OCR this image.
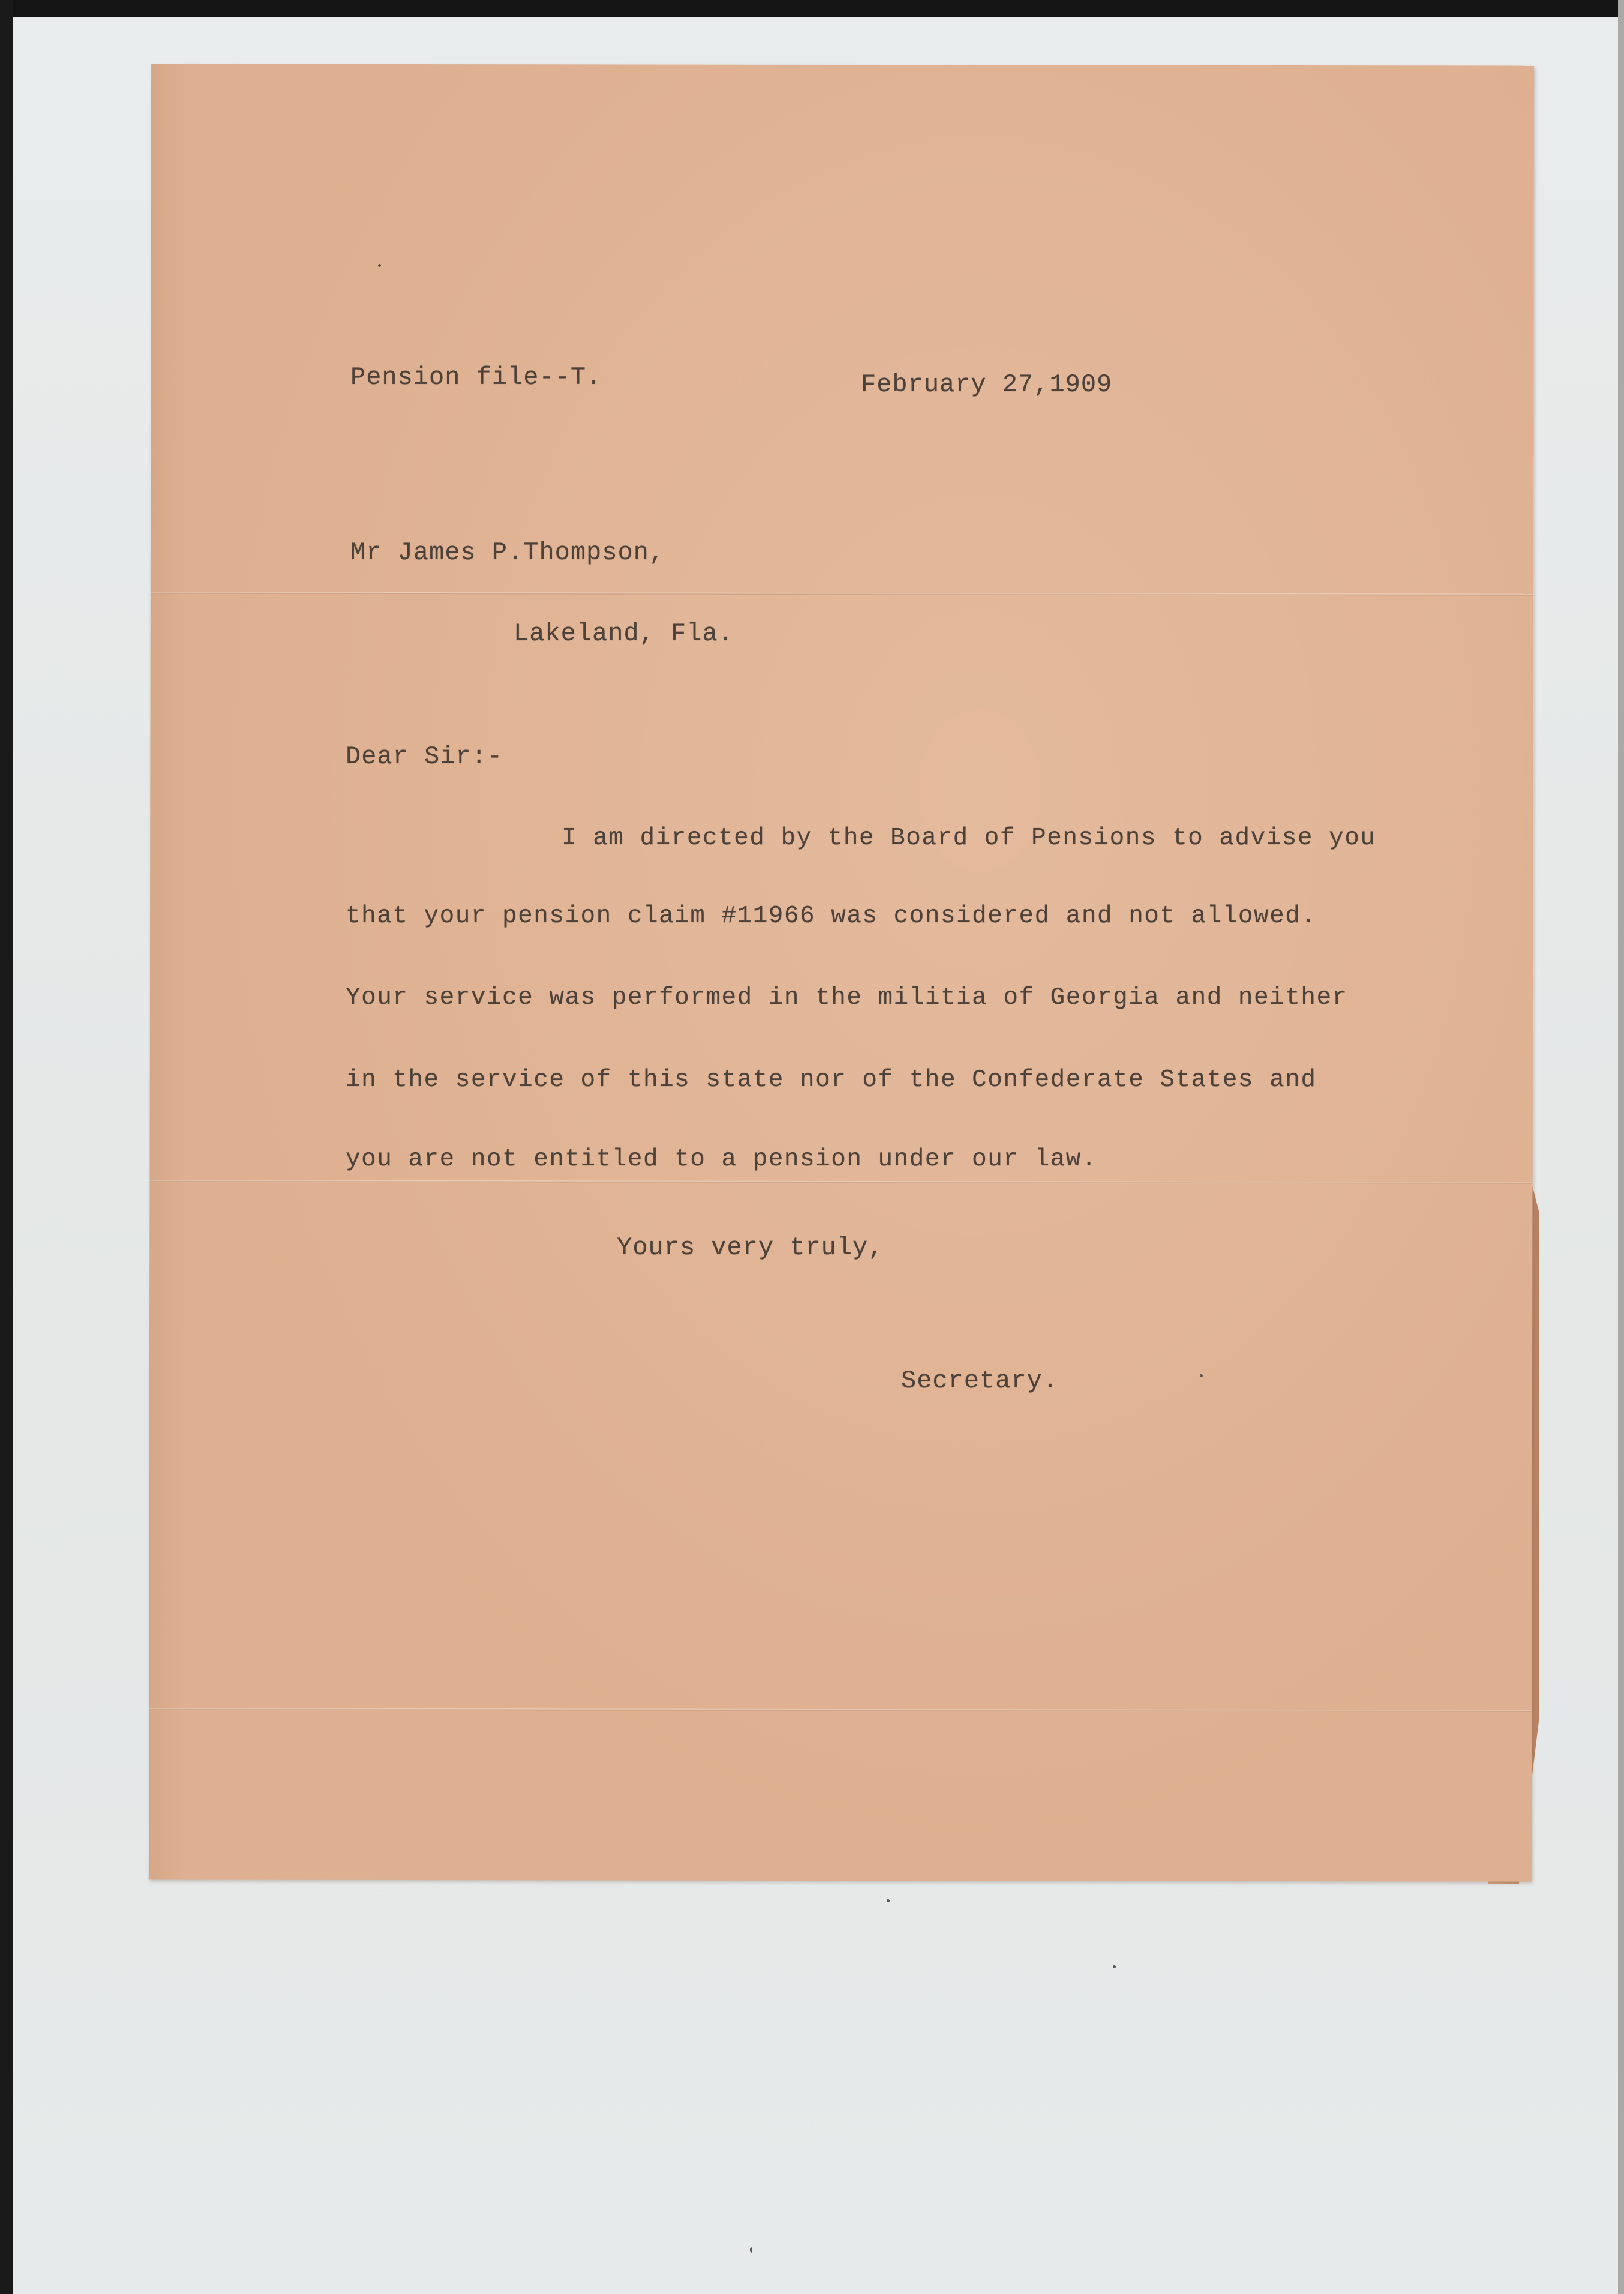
Pension file--T.	February 27,1909
Mr James P.Thompson,
Lakeland, Fla.
Dear Sir:-
I am directed by the Board of Pensions to advise you
that your pension claim #11966 was considered and not allowed.
Your service was performed in the militia of Georgia and neither
in the service of this state nor of the Confederate States and
you are not entitled to a pension under our law.
Yours very truly,
Secretary.
